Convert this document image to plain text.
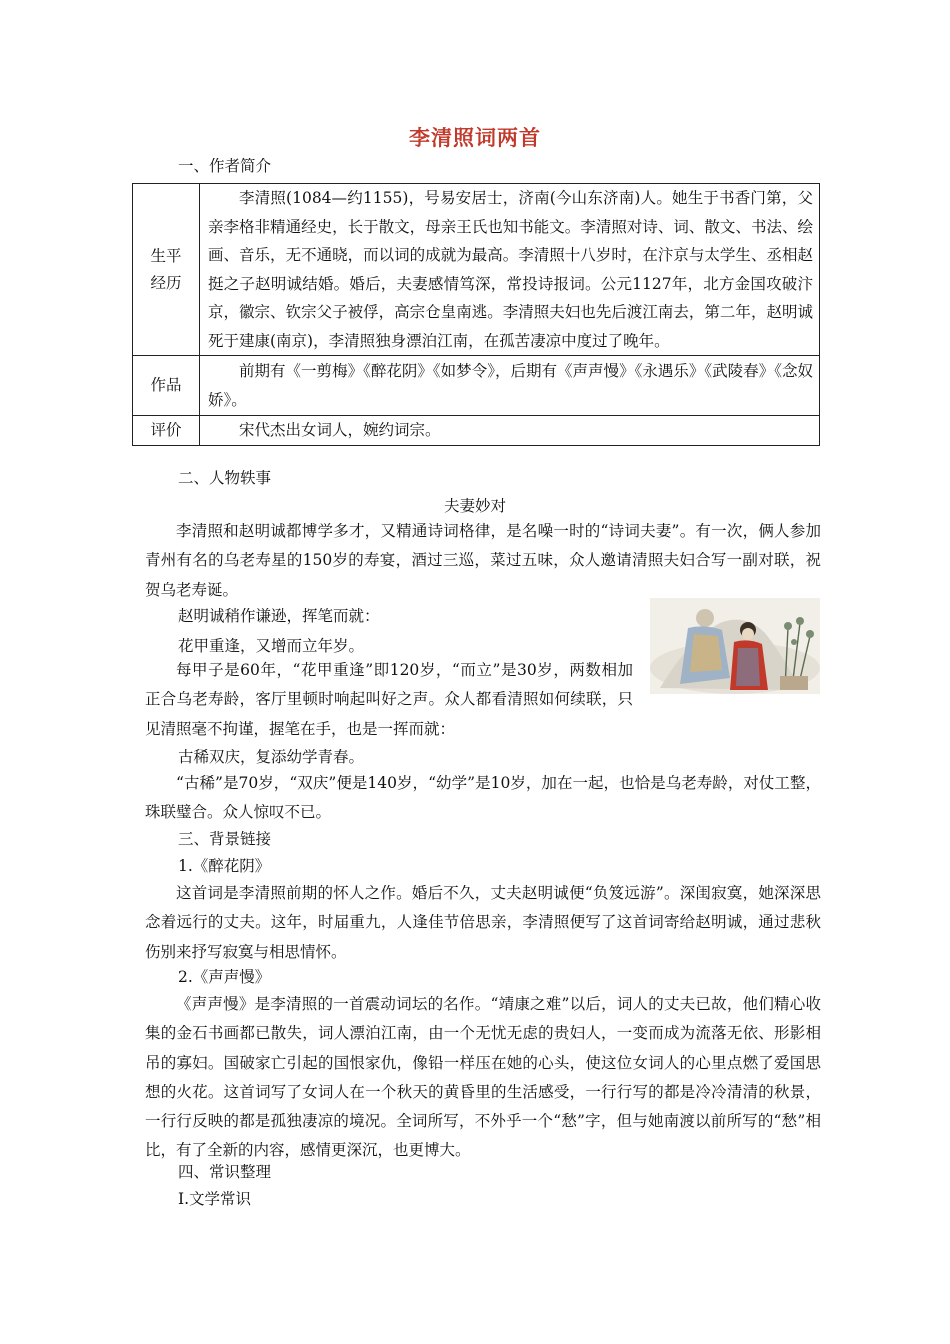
李清照词两首
一、作者简介
生平
经历	李清照(1084—约1155)，号易安居士，济南(今山东济南)人。她生于书香门第，父亲李格非精通经史，长于散文，母亲王氏也知书能文。李清照对诗、词、散文、书法、绘画、音乐，无不通晓，而以词的成就为最高。李清照十八岁时，在汴京与太学生、丞相赵挺之子赵明诚结婚。婚后，夫妻感情笃深，常投诗报词。公元1127年，北方金国攻破汴京，徽宗、钦宗父子被俘，高宗仓皇南逃。李清照夫妇也先后渡江南去，第二年，赵明诚死于建康(南京)，李清照独身漂泊江南，在孤苦凄凉中度过了晚年。

作品	前期有《一剪梅》《醉花阴》《如梦令》，后期有《声声慢》《永遇乐》《武陵春》《念奴娇》。

评价	宋代杰出女词人，婉约词宗。
二、人物轶事
夫妻妙对
李清照和赵明诚都博学多才，又精通诗词格律，是名噪一时的“诗词夫妻”。有一次，俩人参加青州有名的乌老寿星的150岁的寿宴，酒过三巡，菜过五味，众人邀请清照夫妇合写一副对联，祝贺乌老寿诞。
赵明诚稍作谦逊，挥笔而就：
花甲重逢，又增而立年岁。
每甲子是60年，“花甲重逢”即120岁，“而立”是30岁，两数相加正合乌老寿龄，客厅里顿时响起叫好之声。众人都看清照如何续联，只见清照毫不拘谨，握笔在手，也是一挥而就：
古稀双庆，复添幼学青春。
“古稀”是70岁，“双庆”便是140岁，“幼学”是10岁，加在一起，也恰是乌老寿龄，对仗工整，珠联璧合。众人惊叹不已。
三、背景链接
1.《醉花阴》
这首词是李清照前期的怀人之作。婚后不久，丈夫赵明诚便“负笈远游”。深闺寂寞，她深深思念着远行的丈夫。这年，时届重九，人逢佳节倍思亲，李清照便写了这首词寄给赵明诚，通过悲秋伤别来抒写寂寞与相思情怀。
2.《声声慢》
《声声慢》是李清照的一首震动词坛的名作。“靖康之难”以后，词人的丈夫已故，他们精心收集的金石书画都已散失，词人漂泊江南，由一个无忧无虑的贵妇人，一变而成为流落无依、形影相吊的寡妇。国破家亡引起的国恨家仇，像铅一样压在她的心头，使这位女词人的心里点燃了爱国思想的火花。这首词写了女词人在一个秋天的黄昏里的生活感受，一行行写的都是冷冷清清的秋景，一行行反映的都是孤独凄凉的境况。全词所写，不外乎一个“愁”字，但与她南渡以前所写的“愁”相比，有了全新的内容，感情更深沉，也更博大。
四、常识整理
Ⅰ.文学常识
